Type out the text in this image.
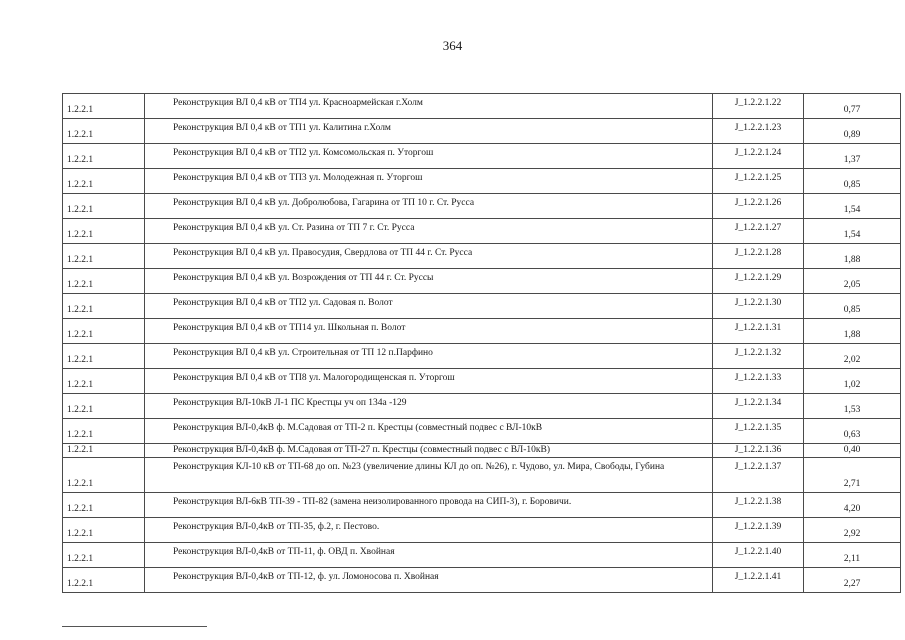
364
1.2.2.1	Реконструкция ВЛ 0,4 кВ от ТП4 ул. Красноармейская г.Холм	J_1.2.2.1.22	0,77
1.2.2.1	Реконструкция ВЛ 0,4 кВ от ТП1 ул. Калитина г.Холм	J_1.2.2.1.23	0,89
1.2.2.1	Реконструкция ВЛ 0,4 кВ от ТП2 ул. Комсомольская п. Уторгош	J_1.2.2.1.24	1,37
1.2.2.1	Реконструкция ВЛ 0,4 кВ от ТП3 ул. Молодежная п. Уторгош	J_1.2.2.1.25	0,85
1.2.2.1	Реконструкция ВЛ 0,4 кВ ул. Добролюбова, Гагарина от ТП 10 г. Ст. Русса	J_1.2.2.1.26	1,54
1.2.2.1	Реконструкция ВЛ 0,4 кВ ул. Ст. Разина от ТП 7 г. Ст. Русса	J_1.2.2.1.27	1,54
1.2.2.1	Реконструкция ВЛ 0,4 кВ ул. Правосудия, Свердлова от ТП 44 г. Ст. Русса	J_1.2.2.1.28	1,88
1.2.2.1	Реконструкция ВЛ 0,4 кВ ул. Возрождения от ТП 44 г. Ст. Руссы	J_1.2.2.1.29	2,05
1.2.2.1	Реконструкция ВЛ 0,4 кВ от ТП2 ул. Садовая п. Волот	J_1.2.2.1.30	0,85
1.2.2.1	Реконструкция ВЛ 0,4 кВ от ТП14 ул. Школьная п. Волот	J_1.2.2.1.31	1,88
1.2.2.1	Реконструкция ВЛ 0,4 кВ ул. Строительная от ТП 12 п.Парфино	J_1.2.2.1.32	2,02
1.2.2.1	Реконструкция ВЛ 0,4 кВ от ТП8 ул. Малогородищенская п. Уторгош	J_1.2.2.1.33	1,02
1.2.2.1	Реконструкция ВЛ-10кВ Л-1 ПС Крестцы уч оп 134а -129	J_1.2.2.1.34	1,53
1.2.2.1	Реконструкция ВЛ-0,4кВ ф. М.Садовая от ТП-2 п. Крестцы (совместный подвес с ВЛ-10кВ	J_1.2.2.1.35	0,63
1.2.2.1	Реконструкция ВЛ-0,4кВ ф. М.Садовая от ТП-27 п. Крестцы (совместный подвес с ВЛ-10кВ)	J_1.2.2.1.36	0,40
1.2.2.1	Реконструкция КЛ-10 кВ от ТП-68 до оп. №23 (увеличение длины КЛ до оп. №26), г. Чудово, ул. Мира, Свободы, Губина	J_1.2.2.1.37	2,71
1.2.2.1	Реконструкция ВЛ-6кВ ТП-39 - ТП-82 (замена неизолированного провода на СИП-3), г. Боровичи.	J_1.2.2.1.38	4,20
1.2.2.1	Реконструкция ВЛ-0,4кВ от ТП-35, ф.2, г. Пестово.	J_1.2.2.1.39	2,92
1.2.2.1	Реконструкция ВЛ-0,4кВ от ТП-11, ф. ОВД п. Хвойная	J_1.2.2.1.40	2,11
1.2.2.1	Реконструкция ВЛ-0,4кВ от ТП-12, ф. ул. Ломоносова п. Хвойная	J_1.2.2.1.41	2,27
